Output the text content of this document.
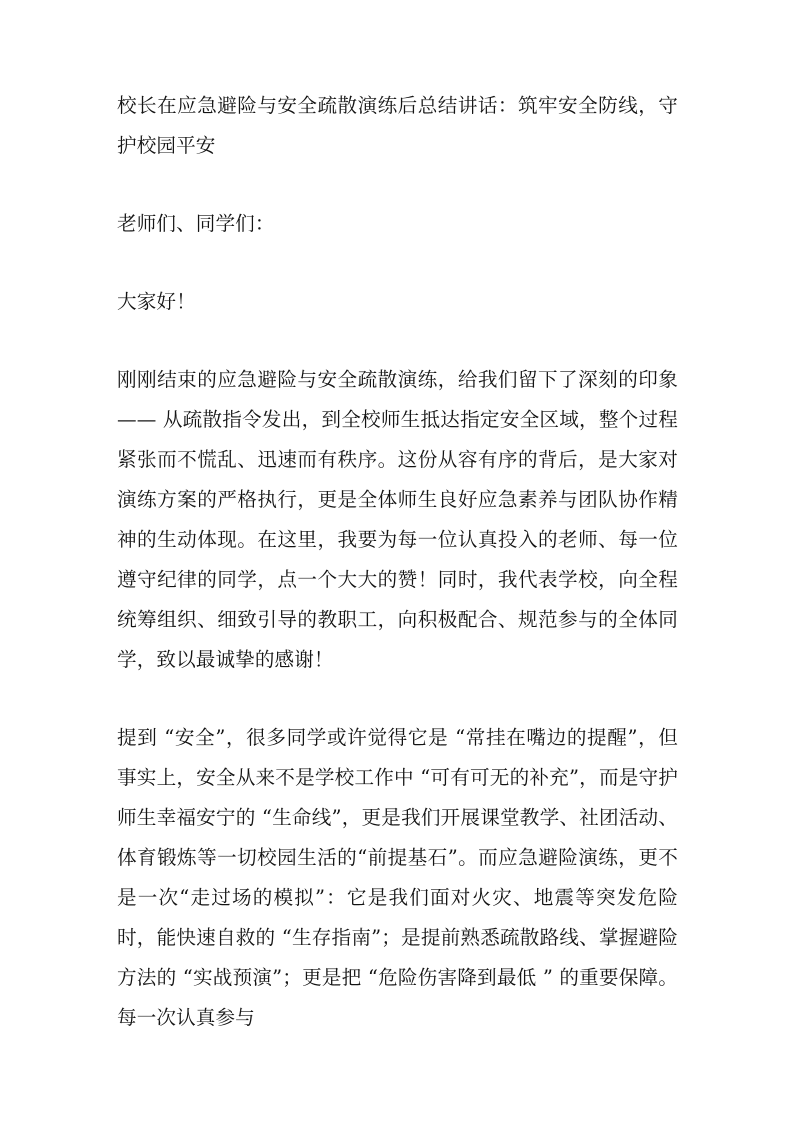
校长在应急避险与安全疏散演练后总结讲话：筑牢安全防线，守护校园平安

老师们、同学们：

大家好！

刚刚结束的应急避险与安全疏散演练，给我们留下了深刻的印象 —— 从疏散指令发出，到全校师生抵达指定安全区域，整个过程紧张而不慌乱、迅速而有秩序。这份从容有序的背后，是大家对演练方案的严格执行，更是全体师生良好应急素养与团队协作精神的生动体现。在这里，我要为每一位认真投入的老师、每一位遵守纪律的同学，点一个大大的赞！同时，我代表学校，向全程统筹组织、细致引导的教职工，向积极配合、规范参与的全体同学，致以最诚挚的感谢！

提到 “安全”，很多同学或许觉得它是 “常挂在嘴边的提醒”，但事实上，安全从来不是学校工作中 “可有可无的补充”，而是守护师生幸福安宁的 “生命线”，更是我们开展课堂教学、社团活动、体育锻炼等一切校园生活的“前提基石”。而应急避险演练，更不是一次“走过场的模拟”：它是我们面对火灾、地震等突发危险时，能快速自救的 “生存指南”；是提前熟悉疏散路线、掌握避险方法的 “实战预演”；更是把 “危险伤害降到最低 ” 的重要保障。每一次认真参与
